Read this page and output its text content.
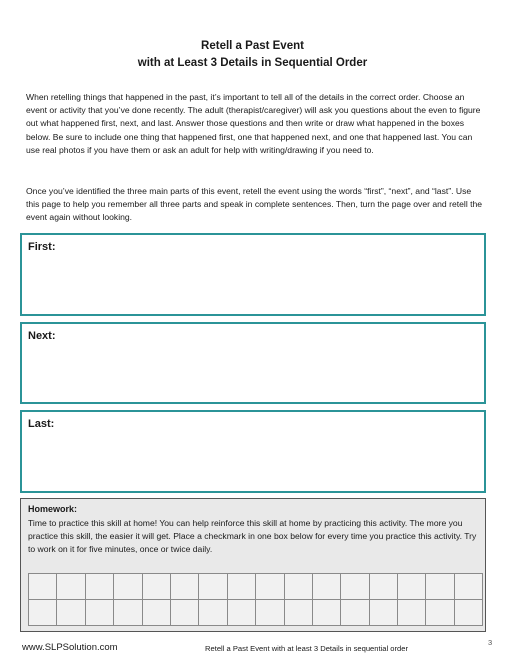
Retell a Past Event
with at Least 3 Details in Sequential Order

When retelling things that happened in the past, it’s important to tell all of the details in the correct order. Choose an event or activity that you’ve done recently. The adult (therapist/caregiver) will ask you questions about the even to figure out what happened first, next, and last. Answer those questions and then write or draw what happened in the boxes below. Be sure to include one thing that happened first, one that happened next, and one that happened last. You can use real photos if you have them or ask an adult for help with writing/drawing if you need to.

Once you’ve identified the three main parts of this event, retell the event using the words “first”, “next”, and “last”. Use this page to help you remember all three parts and speak in complete sentences. Then, turn the page over and retell the event again without looking.

First:
Next:
Last:
Homework:

Time to practice this skill at home! You can help reinforce this skill at home by practicing this activity. The more you practice this skill, the easier it will get. Place a checkmark in one box below for every time you practice this activity. Try to work on it for five minutes, once or twice daily.

www.SLPSolution.com	Retell a Past Event with at least 3 Details in sequential order
3
